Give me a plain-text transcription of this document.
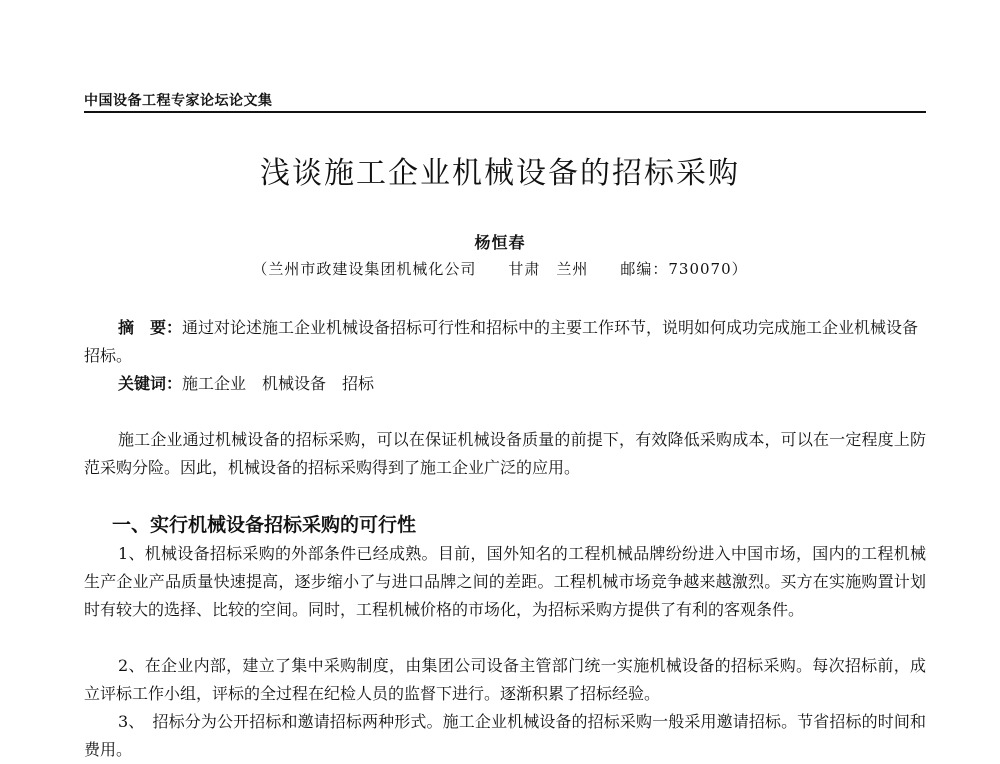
中国设备工程专家论坛论文集
浅谈施工企业机械设备的招标采购
杨恒春
（兰州市政建设集团机械化公司　　甘肃　兰州　　邮编：730070）

摘　要：通过对论述施工企业机械设备招标可行性和招标中的主要工作环节，说明如何成功完成施工企业机械设备招标。

关键词：施工企业　机械设备　招标

施工企业通过机械设备的招标采购，可以在保证机械设备质量的前提下，有效降低采购成本，可以在一定程度上防范采购分险。因此，机械设备的招标采购得到了施工企业广泛的应用。

一、实行机械设备招标采购的可行性

1、机械设备招标采购的外部条件已经成熟。目前，国外知名的工程机械品牌纷纷进入中国市场，国内的工程机械生产企业产品质量快速提高，逐步缩小了与进口品牌之间的差距。工程机械市场竞争越来越激烈。买方在实施购置计划时有较大的选择、比较的空间。同时，工程机械价格的市场化，为招标采购方提供了有利的客观条件。

2、在企业内部，建立了集中采购制度，由集团公司设备主管部门统一实施机械设备的招标采购。每次招标前，成立评标工作小组，评标的全过程在纪检人员的监督下进行。逐渐积累了招标经验。

3、　招标分为公开招标和邀请招标两种形式。施工企业机械设备的招标采购一般采用邀请招标。节省招标的时间和费用。
